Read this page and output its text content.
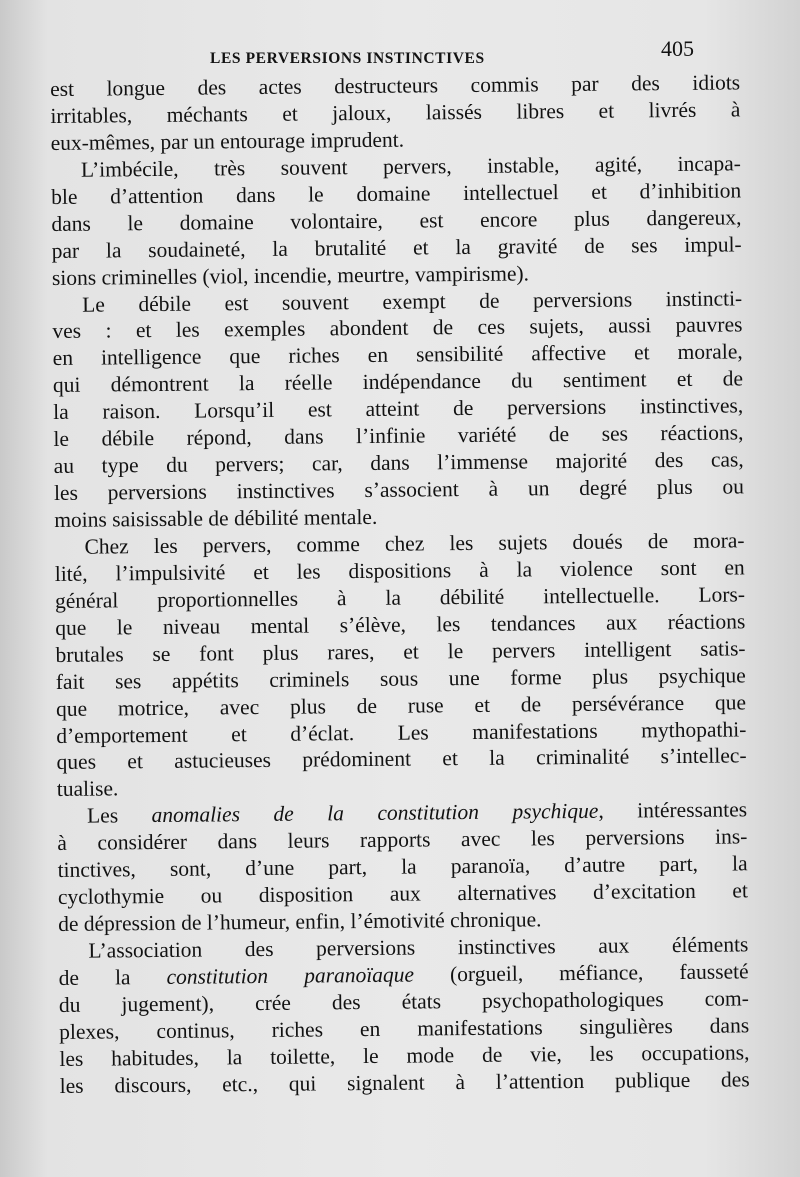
LES PERVERSIONS INSTINCTIVES	405
est longue des actes destructeurs commis par des idiots
irritables, méchants et jaloux, laissés libres et livrés à
eux-mêmes, par un entourage imprudent.
L’imbécile, très souvent pervers, instable, agité, incapa-
ble d’attention dans le domaine intellectuel et d’inhibition
dans le domaine volontaire, est encore plus dangereux,
par la soudaineté, la brutalité et la gravité de ses impul-
sions criminelles (viol, incendie, meurtre, vampirisme).
Le débile est souvent exempt de perversions instincti-
ves : et les exemples abondent de ces sujets, aussi pauvres
en intelligence que riches en sensibilité affective et morale,
qui démontrent la réelle indépendance du sentiment et de
la raison. Lorsqu’il est atteint de perversions instinctives,
le débile répond, dans l’infinie variété de ses réactions,
au type du pervers; car, dans l’immense majorité des cas,
les perversions instinctives s’associent à un degré plus ou
moins saisissable de débilité mentale.
Chez les pervers, comme chez les sujets doués de mora-
lité, l’impulsivité et les dispositions à la violence sont en
général proportionnelles à la débilité intellectuelle. Lors-
que le niveau mental s’élève, les tendances aux réactions
brutales se font plus rares, et le pervers intelligent satis-
fait ses appétits criminels sous une forme plus psychique
que motrice, avec plus de ruse et de persévérance que
d’emportement et d’éclat. Les manifestations mythopathi-
ques et astucieuses prédominent et la criminalité s’intellec-
tualise.
Les anomalies de la constitution psychique, intéressantes
à considérer dans leurs rapports avec les perversions ins-
tinctives, sont, d’une part, la paranoïa, d’autre part, la
cyclothymie ou disposition aux alternatives d’excitation et
de dépression de l’humeur, enfin, l’émotivité chronique.
L’association des perversions instinctives aux éléments
de la constitution paranoïaque (orgueil, méfiance, fausseté
du jugement), crée des états psychopathologiques com-
plexes, continus, riches en manifestations singulières dans
les habitudes, la toilette, le mode de vie, les occupations,
les discours, etc., qui signalent à l’attention publique des
